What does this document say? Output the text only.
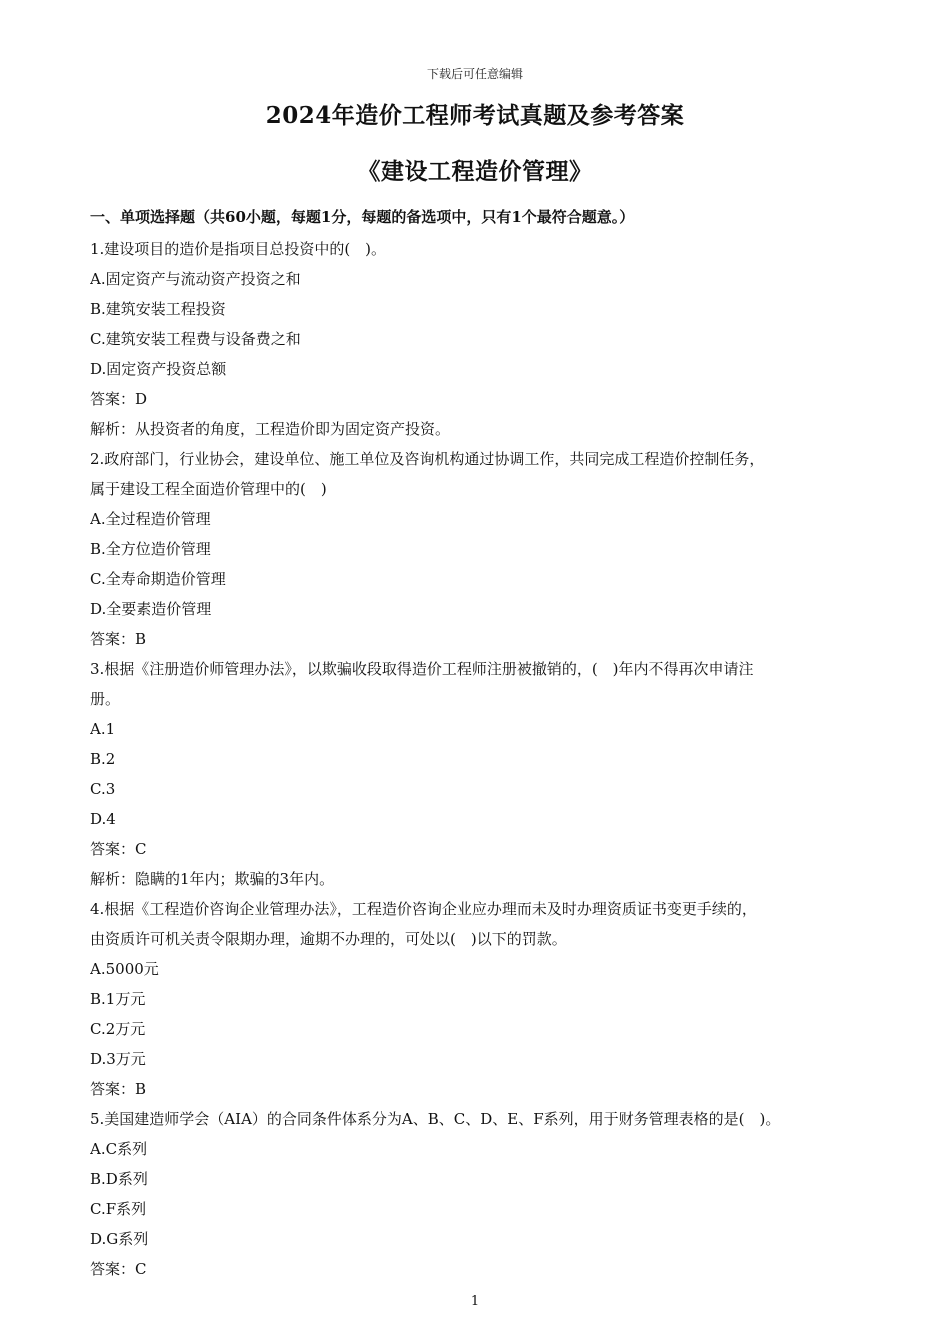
下载后可任意编辑
2024年造价工程师考试真题及参考答案
《建设工程造价管理》
一、单项选择题（共60小题，每题1分，每题的备选项中，只有1个最符合题意。）
1.建设项目的造价是指项目总投资中的(　)。
A.固定资产与流动资产投资之和
B.建筑安装工程投资
C.建筑安装工程费与设备费之和
D.固定资产投资总额
答案：D
解析：从投资者的角度，工程造价即为固定资产投资。
2.政府部门，行业协会，建设单位、施工单位及咨询机构通过协调工作，共同完成工程造价控制任务，
属于建设工程全面造价管理中的(　)
A.全过程造价管理
B.全方位造价管理
C.全寿命期造价管理
D.全要素造价管理
答案：B
3.根据《注册造价师管理办法》，以欺骗收段取得造价工程师注册被撤销的，(　)年内不得再次申请注
册。
A.1
B.2
C.3
D.4
答案：C
解析：隐瞒的1年内；欺骗的3年内。
4.根据《工程造价咨询企业管理办法》，工程造价咨询企业应办理而未及时办理资质证书变更手续的，
由资质许可机关责令限期办理，逾期不办理的，可处以(　)以下的罚款。
A.5000元
B.1万元
C.2万元
D.3万元
答案：B
5.美国建造师学会（AIA）的合同条件体系分为A、B、C、D、E、F系列，用于财务管理表格的是(　)。
A.C系列
B.D系列
C.F系列
D.G系列
答案：C
1
